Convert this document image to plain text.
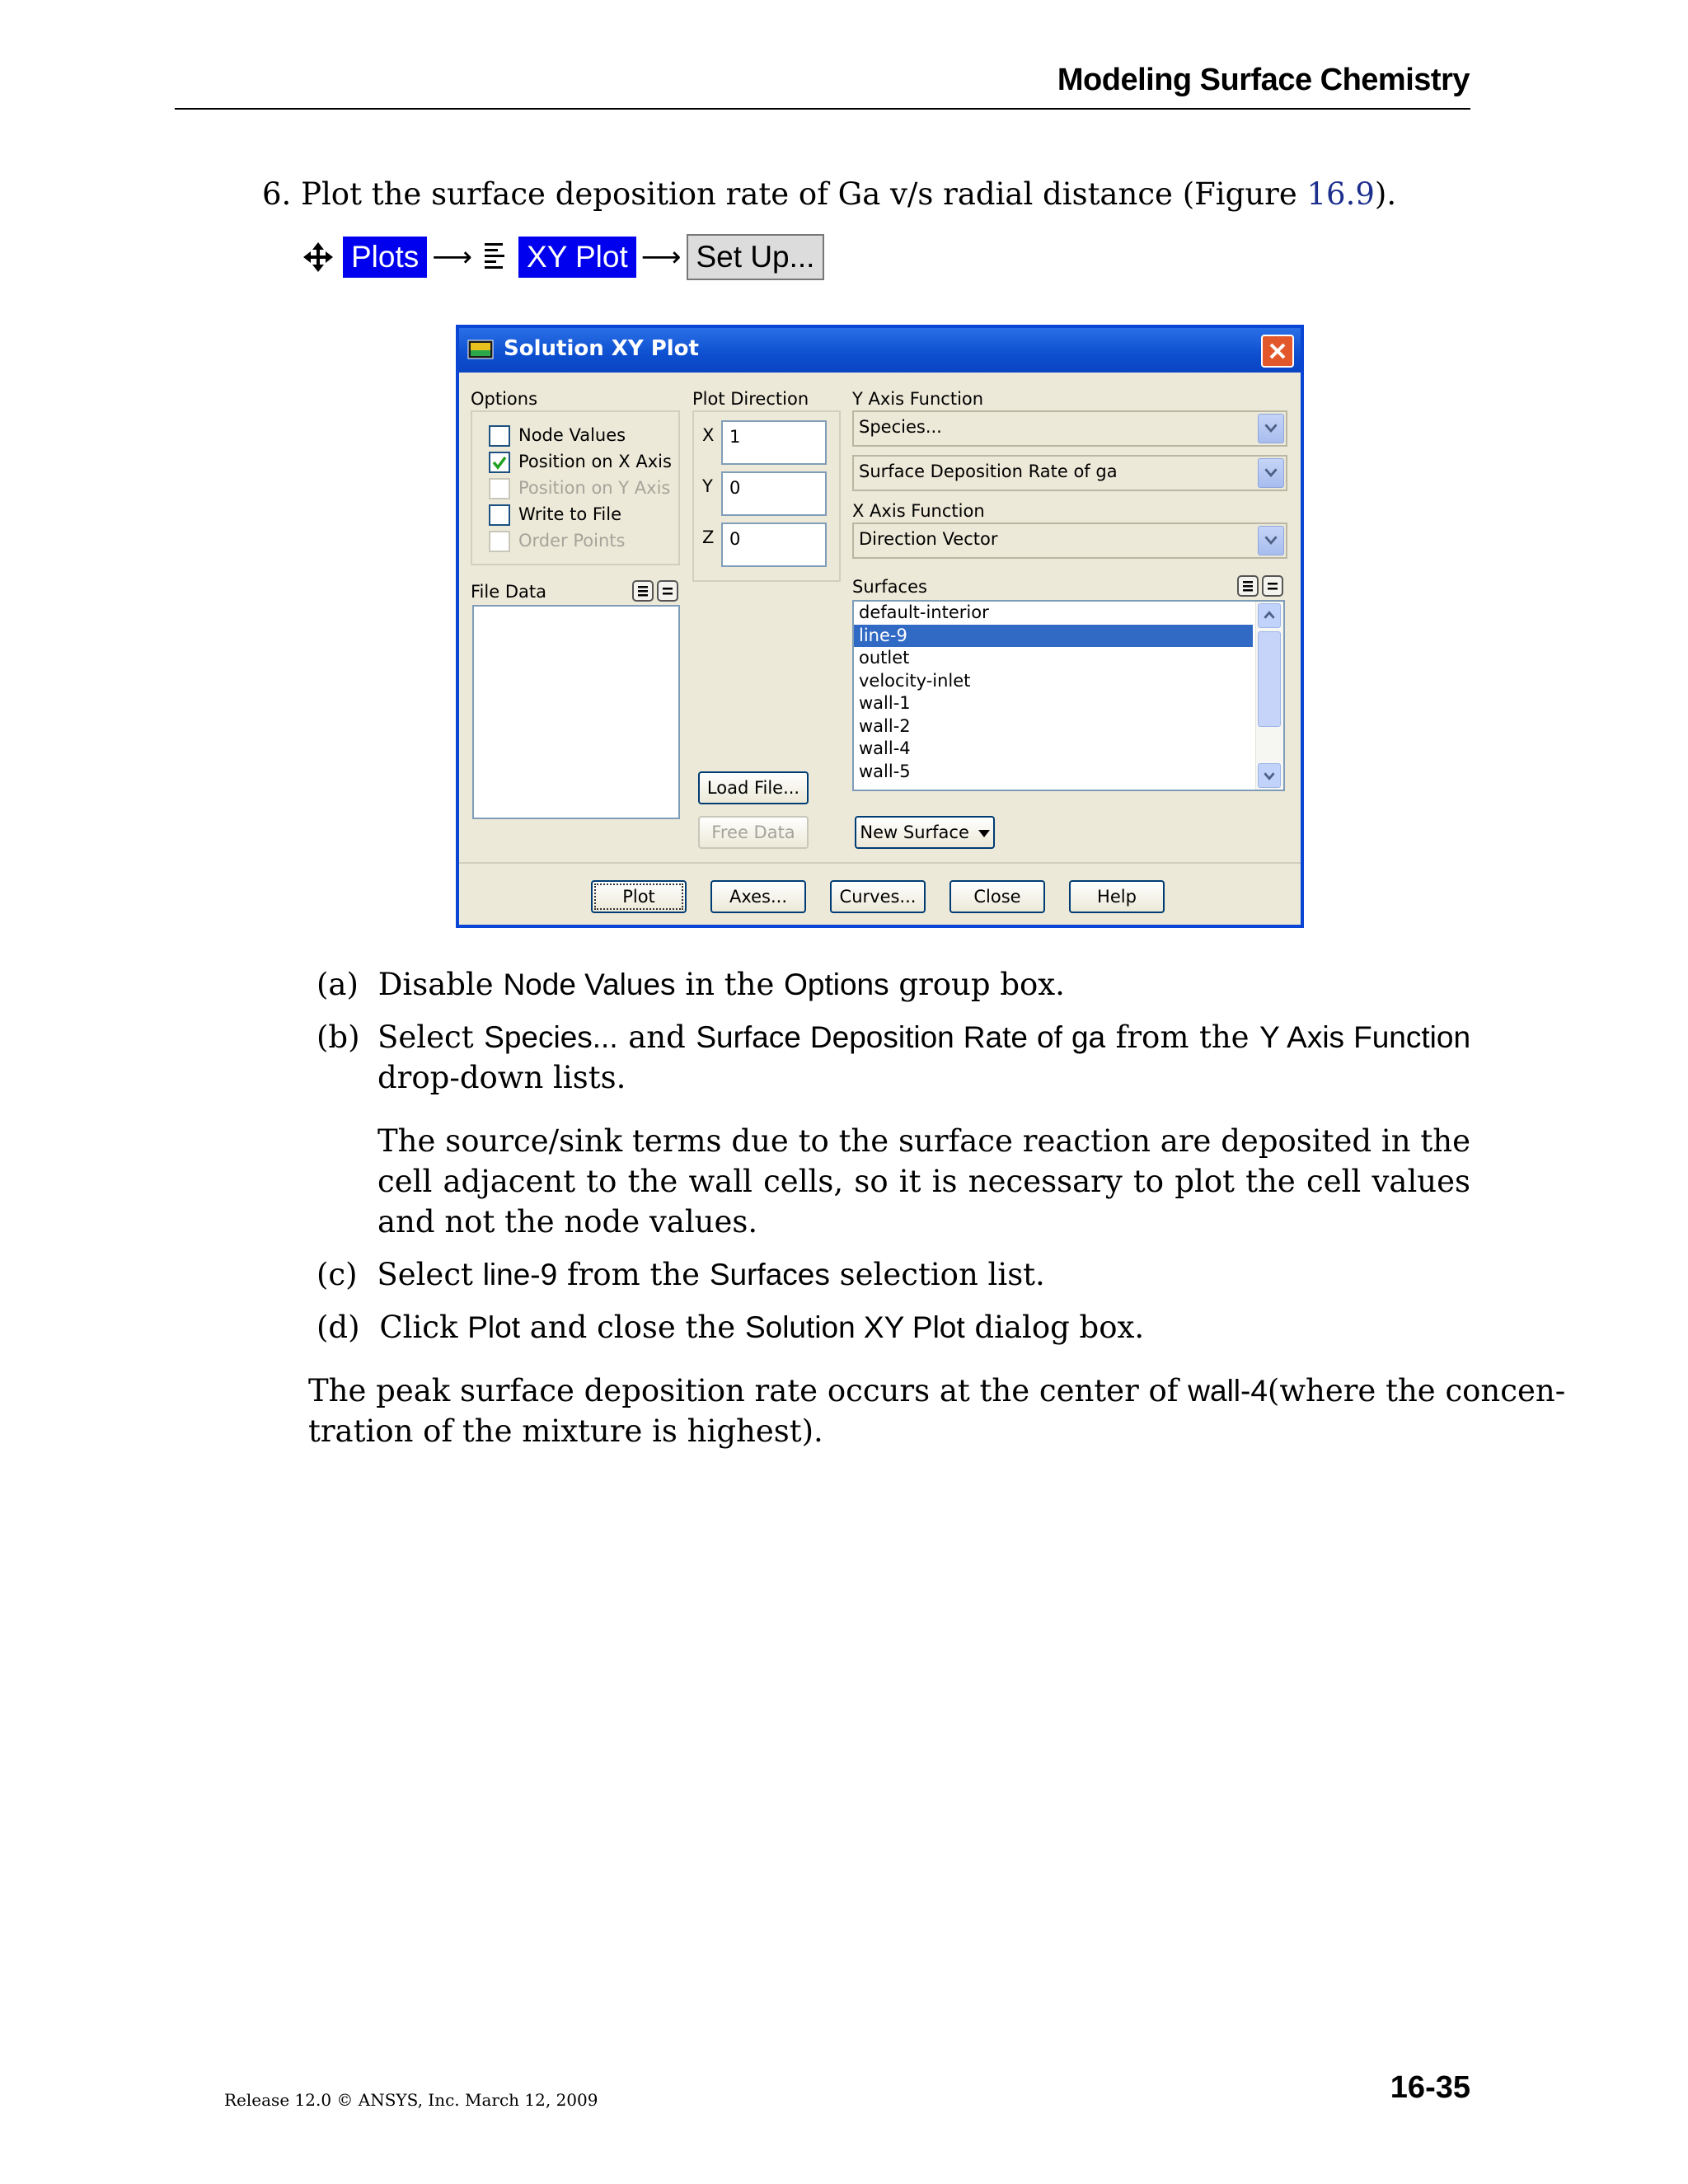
Modeling Surface Chemistry
6. Plot the surface deposition rate of Ga v/s radial distance (Figure 16.9).
Plots ⟶ XY Plot ⟶ Set Up...
Solution XY Plot
Options
Node Values
Position on X Axis
Position on Y Axis
Write to File
Order Points
File Data
Plot Direction
X 1
Y 0
Z 0
Load File...
Free Data
Y Axis Function
Species...
Surface Deposition Rate of ga
X Axis Function
Direction Vector
Surfaces
default-interior
line-9
outlet
velocity-inlet
wall-1
wall-2
wall-4
wall-5
New Surface
Plot	Axes...	Curves...	Close	Help
(a) Disable Node Values in the Options group box.
(b) Select Species... and Surface Deposition Rate of ga from the Y Axis Function drop-down lists.
The source/sink terms due to the surface reaction are deposited in the cell adjacent to the wall cells, so it is necessary to plot the cell values and not the node values.
(c) Select line-9 from the Surfaces selection list.
(d) Click Plot and close the Solution XY Plot dialog box.
The peak surface deposition rate occurs at the center of wall-4 (where the concen-
tration of the mixture is highest).
Release 12.0 © ANSYS, Inc. March 12, 2009	16-35
